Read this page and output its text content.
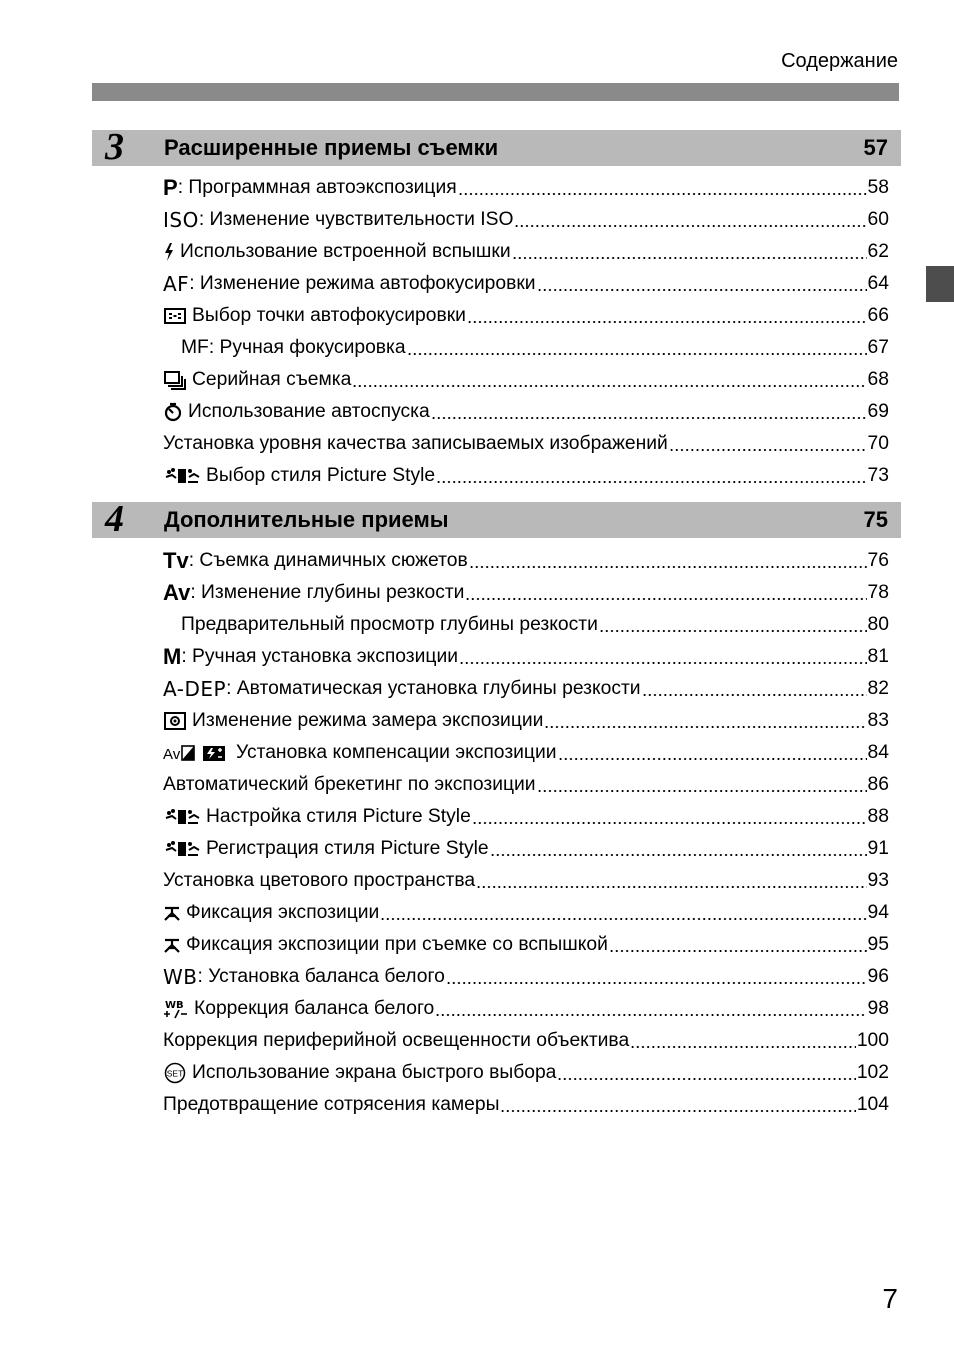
Содержание
3 Расширенные приемы съемки	57
P : Программная автоэкспозиция	58
ISO : Изменение чувствительности ISO	60
Использование встроенной вспышки	62
AF : Изменение режима автофокусировки	64
Выбор точки автофокусировки	66
MF: Ручная фокусировка	67
Серийная съемка	68
Использование автоспуска	69
Установка уровня качества записываемых изображений	70
Выбор стиля Picture Style	73
4 Дополнительные приемы	75
Tv : Съемка динамичных сюжетов	76
Av : Изменение глубины резкости	78
Предварительный просмотр глубины резкости	80
M : Ручная установка экспозиции	81
A-DEP : Автоматическая установка глубины резкости	82
Изменение режима замера экспозиции	83
Av	Установка компенсации экспозиции	84
Автоматический брекетинг по экспозиции	86
Настройка стиля Picture Style	88
Регистрация стиля Picture Style	91
Установка цветового пространства	93
Фиксация экспозиции	94
Фиксация экспозиции при съемке со вспышкой	95
WB : Установка баланса белого	96
WB Коррекция баланса белого	98
Коррекция периферийной освещенности объектива	100
SET Использование экрана быстрого выбора	102
Предотвращение сотрясения камеры	104
7
